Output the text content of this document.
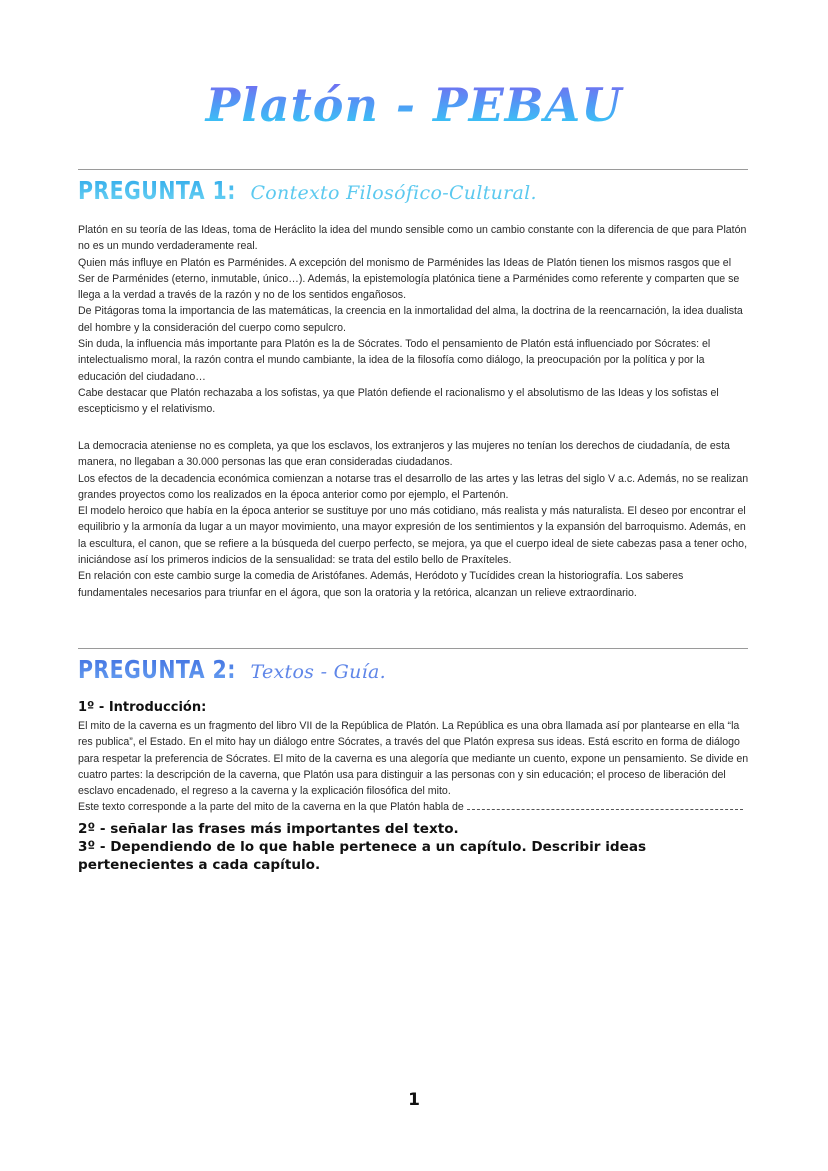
Platón - PEBAU
PREGUNTA 1: Contexto Filosófico-Cultural.

Platón en su teoría de las Ideas, toma de Heráclito la idea del mundo sensible como un cambio constante con la diferencia de que para Platón no es un mundo verdaderamente real.

Quien más influye en Platón es Parménides. A excepción del monismo de Parménides las Ideas de Platón tienen los mismos rasgos que el Ser de Parménides (eterno, inmutable, único…). Además, la epistemología platónica tiene a Parménides como referente y comparten que se llega a la verdad a través de la razón y no de los sentidos engañosos.

De Pitágoras toma la importancia de las matemáticas, la creencia en la inmortalidad del alma, la doctrina de la reencarnación, la idea dualista del hombre y la consideración del cuerpo como sepulcro.

Sin duda, la influencia más importante para Platón es la de Sócrates. Todo el pensamiento de Platón está influenciado por Sócrates: el intelectualismo moral, la razón contra el mundo cambiante, la idea de la filosofía como diálogo, la preocupación por la política y por la educación del ciudadano…

Cabe destacar que Platón rechazaba a los sofistas, ya que Platón defiende el racionalismo y el absolutismo de las Ideas y los sofistas el escepticismo y el relativismo.

La democracia ateniense no es completa, ya que los esclavos, los extranjeros y las mujeres no tenían los derechos de ciudadanía, de esta manera, no llegaban a 30.000 personas las que eran consideradas ciudadanos.

Los efectos de la decadencia económica comienzan a notarse tras el desarrollo de las artes y las letras del siglo V a.c. Además, no se realizan grandes proyectos como los realizados en la época anterior como por ejemplo, el Partenón.

El modelo heroico que había en la época anterior se sustituye por uno más cotidiano, más realista y más naturalista. El deseo por encontrar el equilibrio y la armonía da lugar a un mayor movimiento, una mayor expresión de los sentimientos y la expansión del barroquismo. Además, en la escultura, el canon, que se refiere a la búsqueda del cuerpo perfecto, se mejora, ya que el cuerpo ideal de siete cabezas pasa a tener ocho, iniciándose así los primeros indicios de la sensualidad: se trata del estilo bello de Praxíteles.

En relación con este cambio surge la comedia de Aristófanes. Además, Heródoto y Tucídides crean la historiografía. Los saberes fundamentales necesarios para triunfar en el ágora, que son la oratoria y la retórica, alcanzan un relieve extraordinario.

PREGUNTA 2: Textos - Guía.
1º - Introducción:

El mito de la caverna es un fragmento del libro VII de la República de Platón. La República es una obra llamada así por plantearse en ella “la res publica”, el Estado. En el mito hay un diálogo entre Sócrates, a través del que Platón expresa sus ideas. Está escrito en forma de diálogo para respetar la preferencia de Sócrates. El mito de la caverna es una alegoría que mediante un cuento, expone un pensamiento. Se divide en cuatro partes: la descripción de la caverna, que Platón usa para distinguir a las personas con y sin educación; el proceso de liberación del esclavo encadenado, el regreso a la caverna y la explicación filosófica del mito.

Este texto corresponde a la parte del mito de la caverna en la que Platón habla de

2º - señalar las frases más importantes del texto.
3º - Dependiendo de lo que hable pertenece a un capítulo. Describir ideas pertenecientes a cada capítulo.
1
